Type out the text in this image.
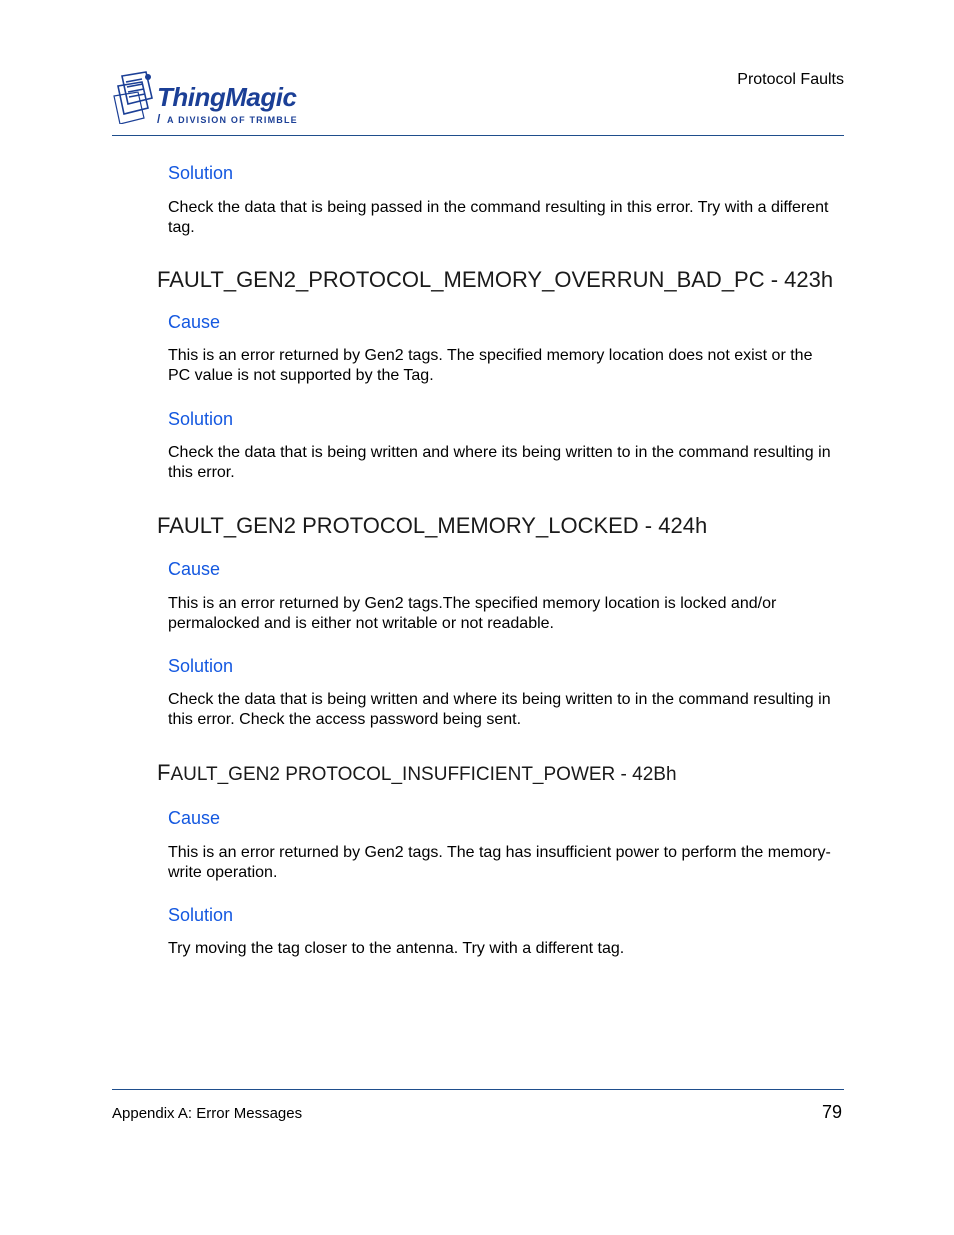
ThingMagic
/ A DIVISION OF TRIMBLE
Protocol Faults
Solution
Check the data that is being passed in the command resulting in this error. Try with a different tag.
FAULT_GEN2_PROTOCOL_MEMORY_OVERRUN_BAD_PC - 423h
Cause
This is an error returned by Gen2 tags. The specified memory location does not exist or the PC value is not supported by the Tag.
Solution
Check the data that is being written and where its being written to in the command resulting in this error.
FAULT_GEN2 PROTOCOL_MEMORY_LOCKED - 424h
Cause
This is an error returned by Gen2 tags.The specified memory location is locked and/or permalocked and is either not writable or not readable.
Solution
Check the data that is being written and where its being written to in the command resulting in this error. Check the access password being sent.
FAULT_GEN2 PROTOCOL_INSUFFICIENT_POWER - 42Bh
Cause
This is an error returned by Gen2 tags. The tag has insufficient power to perform the memory-write operation.
Solution
Try moving the tag closer to the antenna. Try with a different tag.
Appendix A: Error Messages	79
